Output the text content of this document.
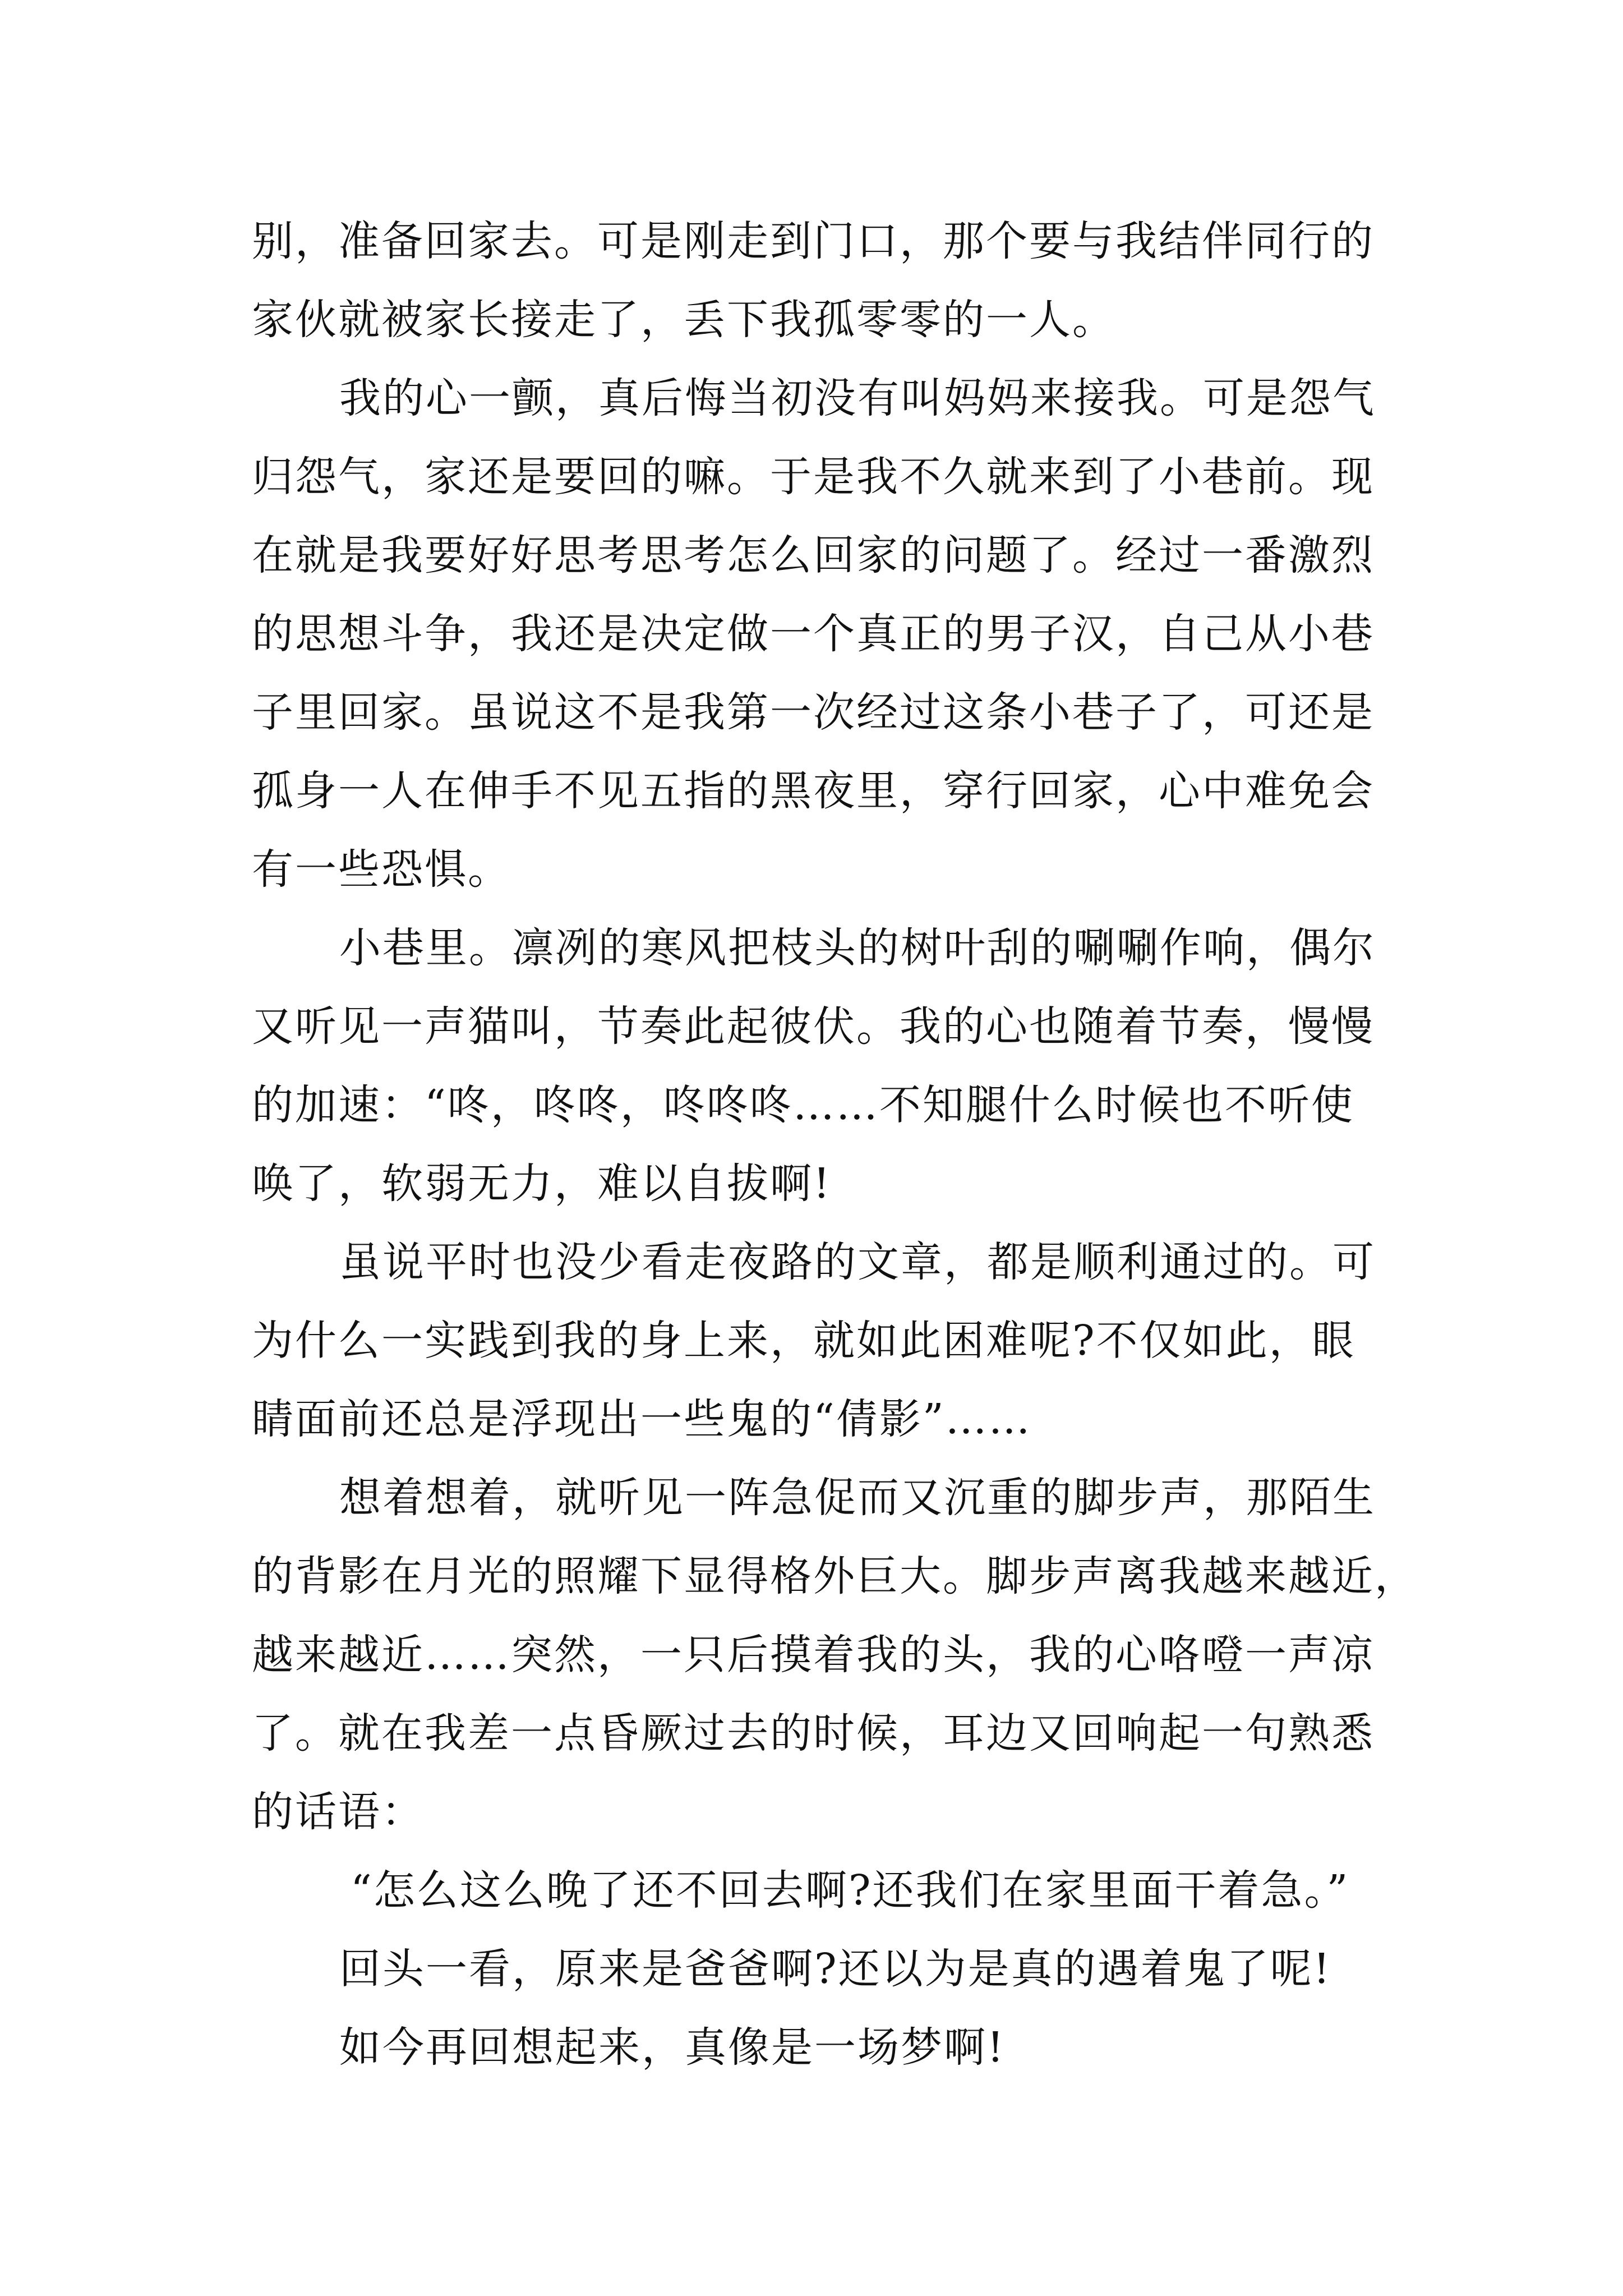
别，准备回家去。可是刚走到门口，那个要与我结伴同行的
家伙就被家长接走了，丢下我孤零零的一人。
我的心一颤，真后悔当初没有叫妈妈来接我。可是怨气
归怨气，家还是要回的嘛。于是我不久就来到了小巷前。现
在就是我要好好思考思考怎么回家的问题了。经过一番激烈
的思想斗争，我还是决定做一个真正的男子汉，自己从小巷
子里回家。虽说这不是我第一次经过这条小巷子了，可还是
孤身一人在伸手不见五指的黑夜里，穿行回家，心中难免会
有一些恐惧。
小巷里。凛冽的寒风把枝头的树叶刮的唰唰作响，偶尔
又听见一声猫叫，节奏此起彼伏。我的心也随着节奏，慢慢
的加速：“咚，咚咚，咚咚咚……不知腿什么时候也不听使
唤了，软弱无力，难以自拔啊!
虽说平时也没少看走夜路的文章，都是顺利通过的。可
为什么一实践到我的身上来，就如此困难呢?不仅如此，眼
睛面前还总是浮现出一些鬼的“倩影”……
想着想着，就听见一阵急促而又沉重的脚步声，那陌生
的背影在月光的照耀下显得格外巨大。脚步声离我越来越近，
越来越近……突然，一只后摸着我的头，我的心咯噔一声凉
了。就在我差一点昏厥过去的时候，耳边又回响起一句熟悉
的话语：
“怎么这么晚了还不回去啊?还我们在家里面干着急。”
回头一看，原来是爸爸啊?还以为是真的遇着鬼了呢!
如今再回想起来，真像是一场梦啊!
